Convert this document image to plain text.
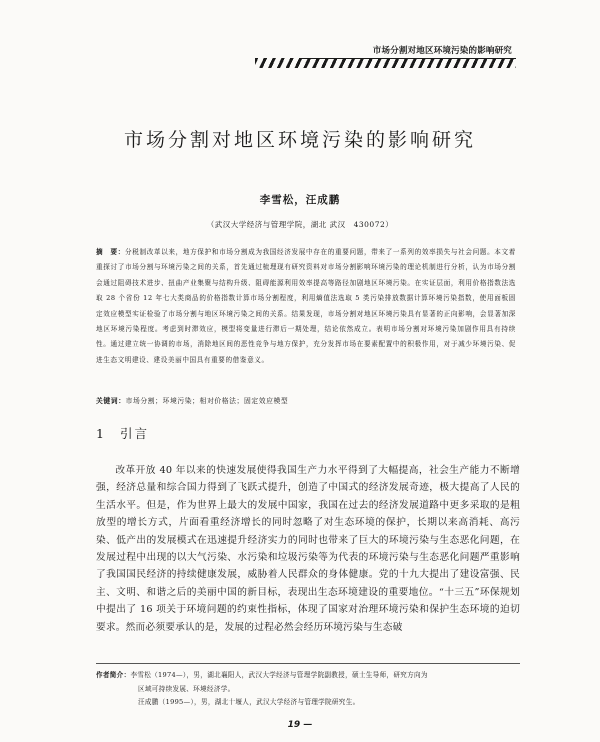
市场分割对地区环境污染的影响研究
市场分割对地区环境污染的影响研究
李雪松，汪成鹏
（武汉大学经济与管理学院，湖北 武汉　430072）
摘　要：分税制改革以来，地方保护和市场分割成为我国经济发展中存在的重要问题，带来了一系列的效率损失与社会问题。本文着重探讨了市场分割与环境污染之间的关系，首先通过梳理现有研究资料对市场分割影响环境污染的理论机制进行分析，认为市场分割会通过阻碍技术进步、扭曲产业集聚与结构升级、阻碍能源利用效率提高等路径加剧地区环境污染。在实证层面，利用价格指数法选取 28 个省份 12 年七大类商品的价格指数计算市场分割程度，利用熵值法选取 5 类污染排放数据计算环境污染指数，使用面板固定效应模型实证检验了市场分割与地区环境污染之间的关系。结果发现，市场分割对地区环境污染具有显著的正向影响，会显著加深地区环境污染程度。考虑到时滞效应，模型将变量进行滞后一期处理，结论依然成立。表明市场分割对环境污染加剧作用具有持续性。通过建立统一协调的市场，消除地区间的恶性竞争与地方保护，充分发挥市场在要素配置中的积极作用，对于减少环境污染、促进生态文明建设、建设美丽中国具有重要的借鉴意义。
关键词：市场分割；环境污染；相对价格法；固定效应模型
1 引言

改革开放 40 年以来的快速发展使得我国生产力水平得到了大幅提高，社会生产能力不断增强，经济总量和综合国力得到了飞跃式提升，创造了中国式的经济发展奇迹，极大提高了人民的生活水平。但是，作为世界上最大的发展中国家，我国在过去的经济发展道路中更多采取的是粗放型的增长方式，片面看重经济增长的同时忽略了对生态环境的保护，长期以来高消耗、高污染、低产出的发展模式在迅速提升经济实力的同时也带来了巨大的环境污染与生态恶化问题，在发展过程中出现的以大气污染、水污染和垃圾污染等为代表的环境污染与生态恶化问题严重影响了我国国民经济的持续健康发展，威胁着人民群众的身体健康。党的十九大提出了建设富强、民主、文明、和谐之后的美丽中国的新目标，表现出生态环境建设的重要地位。“十三五”环保规划中提出了 16 项关于环境问题的约束性指标，体现了国家对治理环境污染和保护生态环境的迫切要求。然而必须要承认的是，发展的过程必然会经历环境污染与生态破

作者简介：李雪松（1974—），男，湖北襄阳人，武汉大学经济与管理学院副教授，硕士生导师，研究方向为
区域可持续发展、环境经济学。
汪成鹏（1995—），男，湖北十堰人，武汉大学经济与管理学院研究生。
19 —
